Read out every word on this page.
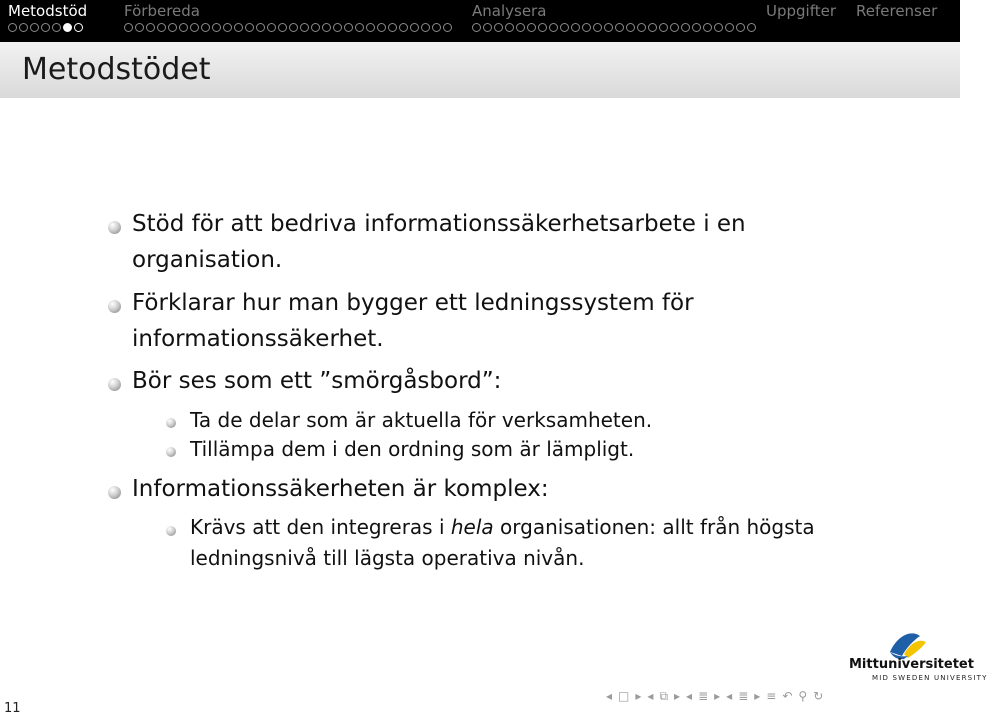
Metodstöd Förbereda	Analysera	Uppgifter Referenser
Metodstödet
Stöd för att bedriva informationssäkerhetsarbete i en
organisation.
Förklarar hur man bygger ett ledningssystem för
informationssäkerhet.
Bör ses som ett ”smörgåsbord”:
Ta de delar som är aktuella för verksamheten.
Tillämpa dem i den ordning som är lämpligt.
Informationssäkerheten är komplex:
Krävs att den integreras i hela organisationen: allt från högsta
ledningsnivå till lägsta operativa nivån.
11
Mittuniversitetet
MID SWEDEN UNIVERSITY
◂ □ ▸ ◂ ⧉ ▸ ◂ ≣ ▸ ◂ ≣ ▸ ≡ ↶ ⚲ ↻
